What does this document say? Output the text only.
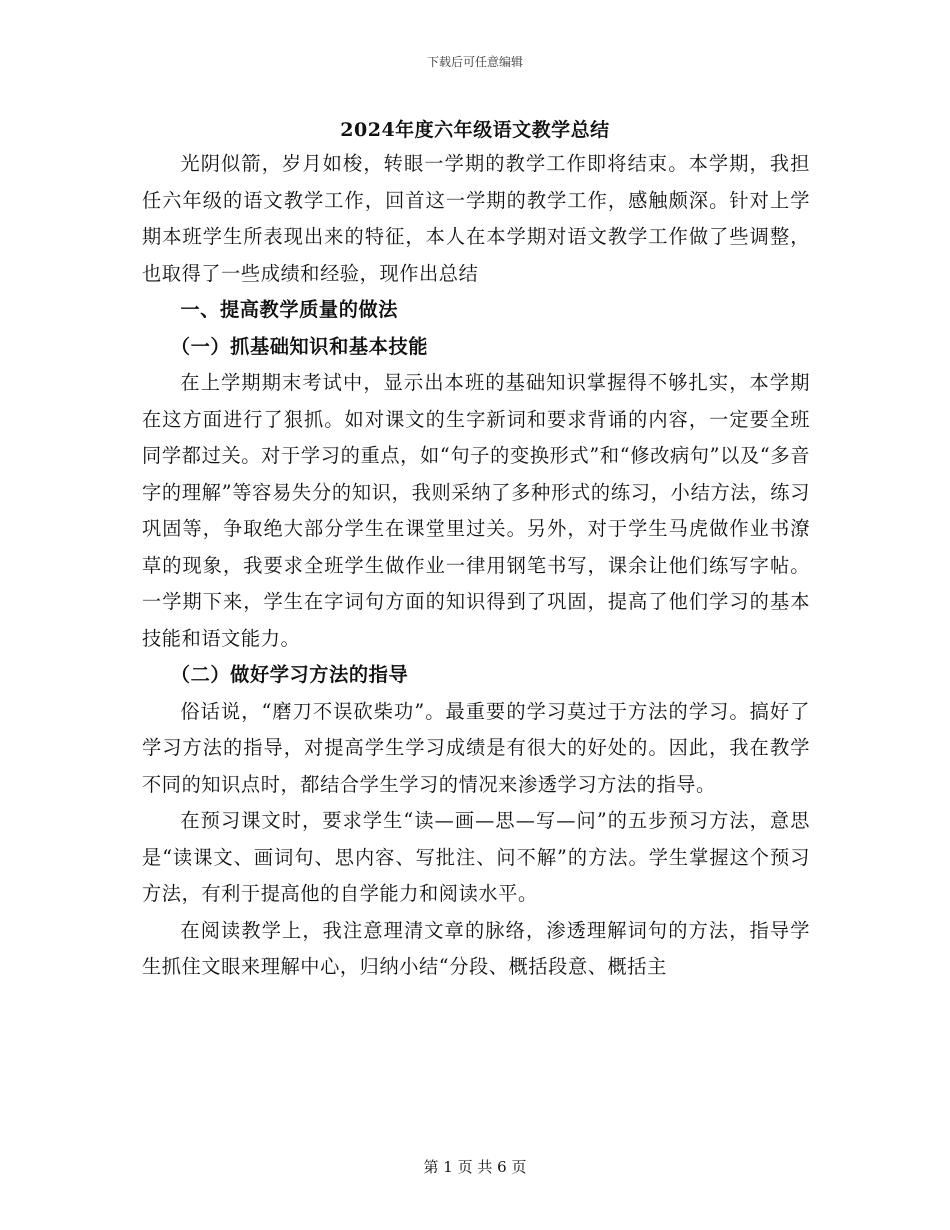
下载后可任意编辑
2024年度六年级语文教学总结

光阴似箭，岁月如梭，转眼一学期的教学工作即将结束。本学期，我担任六年级的语文教学工作，回首这一学期的教学工作，感触颇深。针对上学期本班学生所表现出来的特征，本人在本学期对语文教学工作做了些调整，也取得了一些成绩和经验，现作出总结

一、提高教学质量的做法

（一）抓基础知识和基本技能

在上学期期末考试中，显示出本班的基础知识掌握得不够扎实，本学期在这方面进行了狠抓。如对课文的生字新词和要求背诵的内容，一定要全班同学都过关。对于学习的重点，如“句子的变换形式”和“修改病句”以及“多音字的理解”等容易失分的知识，我则采纳了多种形式的练习，小结方法，练习巩固等，争取绝大部分学生在课堂里过关。另外，对于学生马虎做作业书潦草的现象，我要求全班学生做作业一律用钢笔书写，课余让他们练写字帖。一学期下来，学生在字词句方面的知识得到了巩固，提高了他们学习的基本技能和语文能力。

（二）做好学习方法的指导

俗话说，“磨刀不误砍柴功”。最重要的学习莫过于方法的学习。搞好了学习方法的指导，对提高学生学习成绩是有很大的好处的。因此，我在教学不同的知识点时，都结合学生学习的情况来渗透学习方法的指导。

在预习课文时，要求学生“读—画—思—写—问”的五步预习方法，意思是“读课文、画词句、思内容、写批注、问不解”的方法。学生掌握这个预习方法，有利于提高他的自学能力和阅读水平。

在阅读教学上，我注意理清文章的脉络，渗透理解词句的方法，指导学生抓住文眼来理解中心，归纳小结“分段、概括段意、概括主

第 1 页 共 6 页
